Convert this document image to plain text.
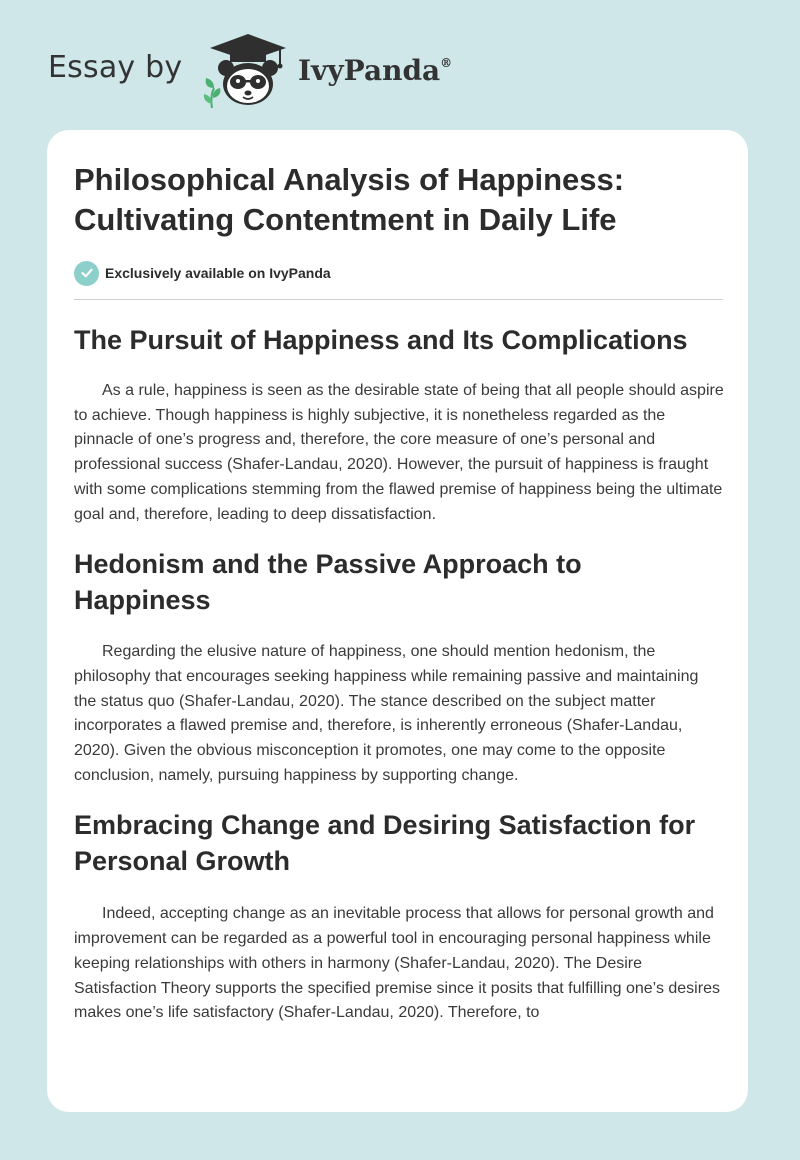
Essay by	IvyPanda®
Philosophical Analysis of Happiness: Cultivating Contentment in Daily Life
Exclusively available on IvyPanda
The Pursuit of Happiness and Its Complications

As a rule, happiness is seen as the desirable state of being that all people should aspire to achieve. Though happiness is highly subjective, it is nonetheless regarded as the pinnacle of one’s progress and, therefore, the core measure of one’s personal and professional success (Shafer-Landau, 2020). However, the pursuit of happiness is fraught with some complications stemming from the flawed premise of happiness being the ultimate goal and, therefore, leading to deep dissatisfaction.

Hedonism and the Passive Approach to Happiness

Regarding the elusive nature of happiness, one should mention hedonism, the philosophy that encourages seeking happiness while remaining passive and maintaining the status quo (Shafer-Landau, 2020). The stance described on the subject matter incorporates a flawed premise and, therefore, is inherently erroneous (Shafer-Landau, 2020). Given the obvious misconception it promotes, one may come to the opposite conclusion, namely, pursuing happiness by supporting change.

Embracing Change and Desiring Satisfaction for Personal Growth

Indeed, accepting change as an inevitable process that allows for personal growth and improvement can be regarded as a powerful tool in encouraging personal happiness while keeping relationships with others in harmony (Shafer-Landau, 2020). The Desire Satisfaction Theory supports the specified premise since it posits that fulfilling one’s desires makes one’s life satisfactory (Shafer-Landau, 2020). Therefore, to
